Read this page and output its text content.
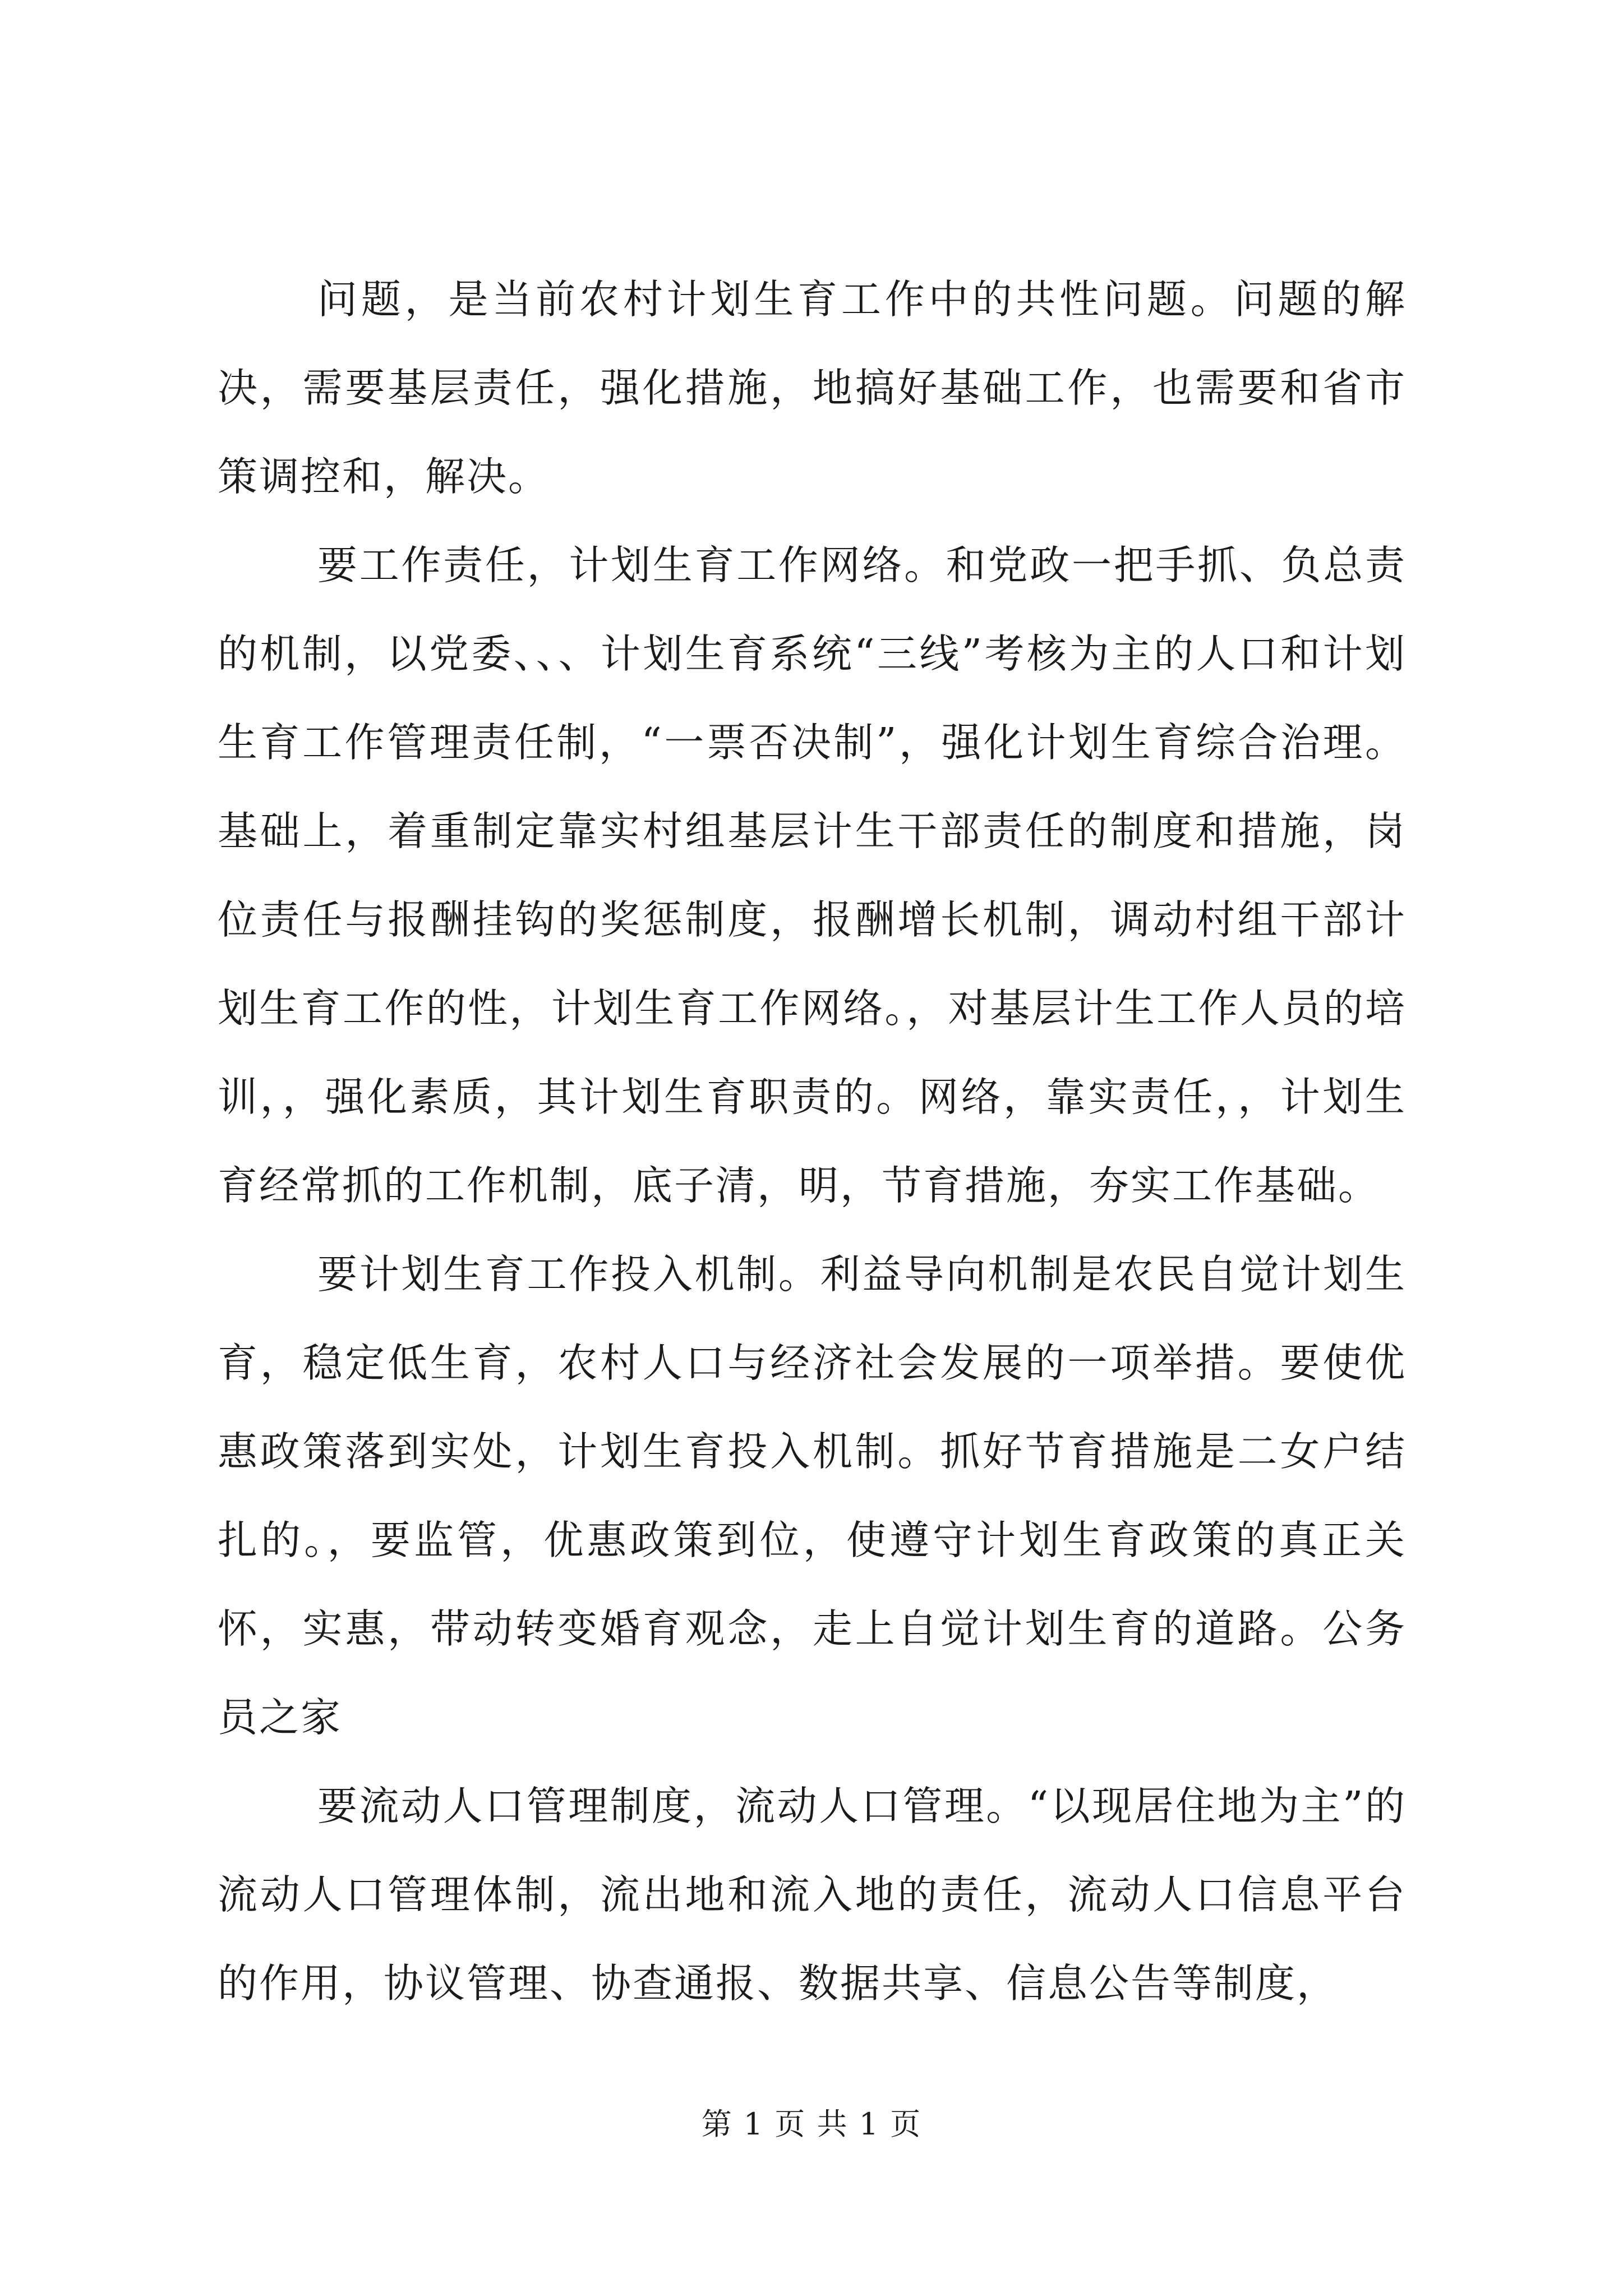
问题，是当前农村计划生育工作中的共性问题。问题的解决，需要基层责任，强化措施，地搞好基础工作，也需要和省市策调控和，解决。

要工作责任，计划生育工作网络。和党政一把手抓、负总责的机制，以党委、、、计划生育系统“三线”考核为主的人口和计划生育工作管理责任制，“一票否决制”，强化计划生育综合治理。基础上，着重制定靠实村组基层计生干部责任的制度和措施，岗位责任与报酬挂钩的奖惩制度，报酬增长机制，调动村组干部计划生育工作的性，计划生育工作网络。，对基层计生工作人员的培训，，强化素质，其计划生育职责的。网络，靠实责任，，计划生育经常抓的工作机制，底子清，明，节育措施，夯实工作基础。

要计划生育工作投入机制。利益导向机制是农民自觉计划生育，稳定低生育，农村人口与经济社会发展的一项举措。要使优惠政策落到实处，计划生育投入机制。抓好节育措施是二女户结扎的。，要监管，优惠政策到位，使遵守计划生育政策的真正关怀，实惠，带动转变婚育观念，走上自觉计划生育的道路。公务员之家

要流动人口管理制度，流动人口管理。“以现居住地为主”的流动人口管理体制，流出地和流入地的责任，流动人口信息平台的作用，协议管理、协查通报、数据共享、信息公告等制度，

第 1 页 共 1 页
